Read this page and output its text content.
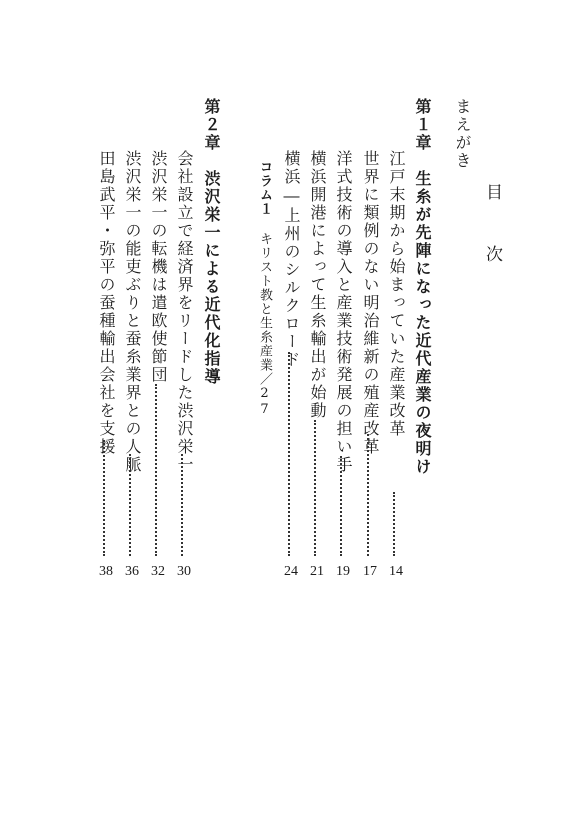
目　次
まえがき
第１章　生糸が先陣になった近代産業の夜明け
江戸末期から始まっていた産業改革
14
世界に類例のない明治維新の殖産改革
17
洋式技術の導入と産業技術発展の担い手
19
横浜開港によって生糸輸出が始動
21
横浜―上州のシルクロード
24
コラム１キリスト教と生糸産業／27
第２章　渋沢栄一による近代化指導
会社設立で経済界をリードした渋沢栄一
30
渋沢栄一の転機は遣欧使節団
32
渋沢栄一の能吏ぶりと蚕糸業界との人脈
36
田島武平・弥平の蚕種輸出会社を支援
38
